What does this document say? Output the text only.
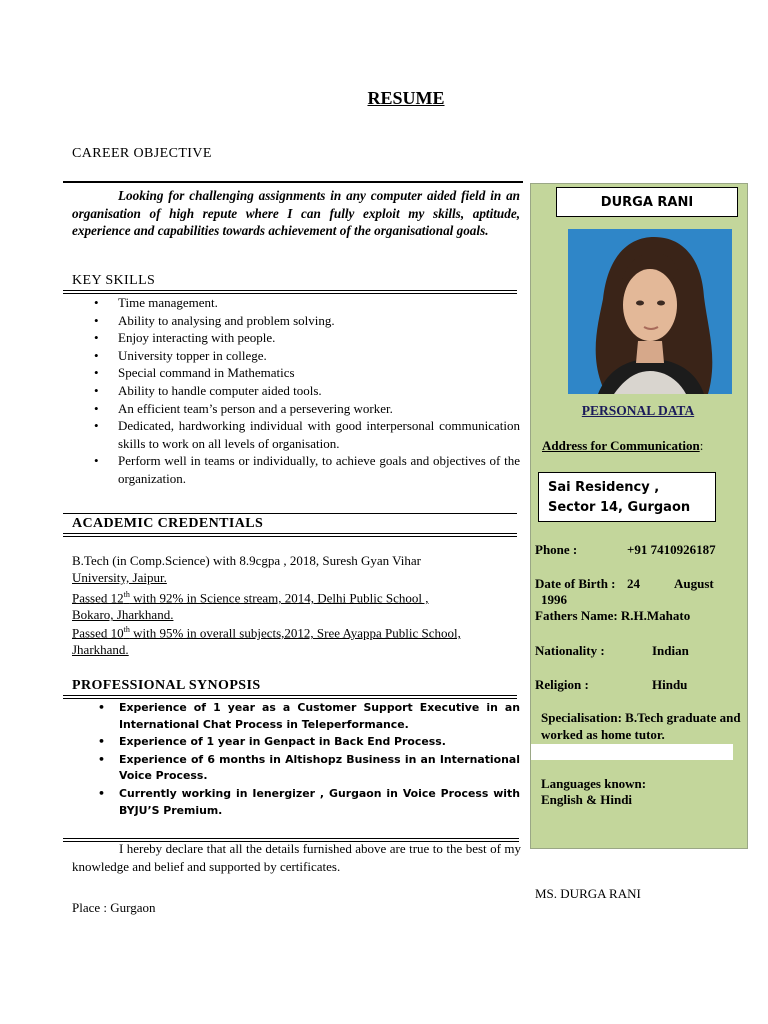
RESUME
CAREER OBJECTIVE
Looking for challenging assignments in any computer aided field in an organisation of high repute where I can fully exploit my skills, aptitude, experience and capabilities towards achievement of the organisational goals.
KEY SKILLS
• Time management.
• Ability to analysing and problem solving.
• Enjoy interacting with people.
• University topper in college.
• Special command in Mathematics
• Ability to handle computer aided tools.
• An efficient team’s person and a persevering worker.
• Dedicated, hardworking individual with good interpersonal communication skills to work on all levels of organisation.
• Perform well in teams or individually, to achieve goals and objectives of the organization.
ACADEMIC CREDENTIALS
B.Tech (in Comp.Science) with 8.9cgpa , 2018, Suresh Gyan Vihar
University, Jaipur.
Passed 12th with 92% in Science stream, 2014, Delhi Public School ,
Bokaro, Jharkhand.
Passed 10th with 95% in overall subjects,2012, Sree Ayappa Public School,
Jharkhand.
PROFESSIONAL SYNOPSIS
• Experience of 1 year as a Customer Support Executive in an International Chat Process in Teleperformance.
• Experience of 1 year in Genpact in Back End Process.
• Experience of 6 months in Altishopz Business in an International Voice Process.
• Currently working in Ienergizer , Gurgaon in Voice Process with BYJU’S Premium.
I hereby declare that all the details furnished above are true to the best of my knowledge and belief and supported by certificates.
Place : Gurgaon
MS. DURGA RANI
DURGA RANI
PERSONAL DATA
Address for Communication:
Sai Residency ,
Sector 14, Gurgaon
Phone :	+91 7410926187
Date of Birth : 24	August
1996
Fathers Name: R.H.Mahato
Nationality :	Indian
Religion :	Hindu
Specialisation: B.Tech graduate and worked as home tutor.
Languages known:
English & Hindi
